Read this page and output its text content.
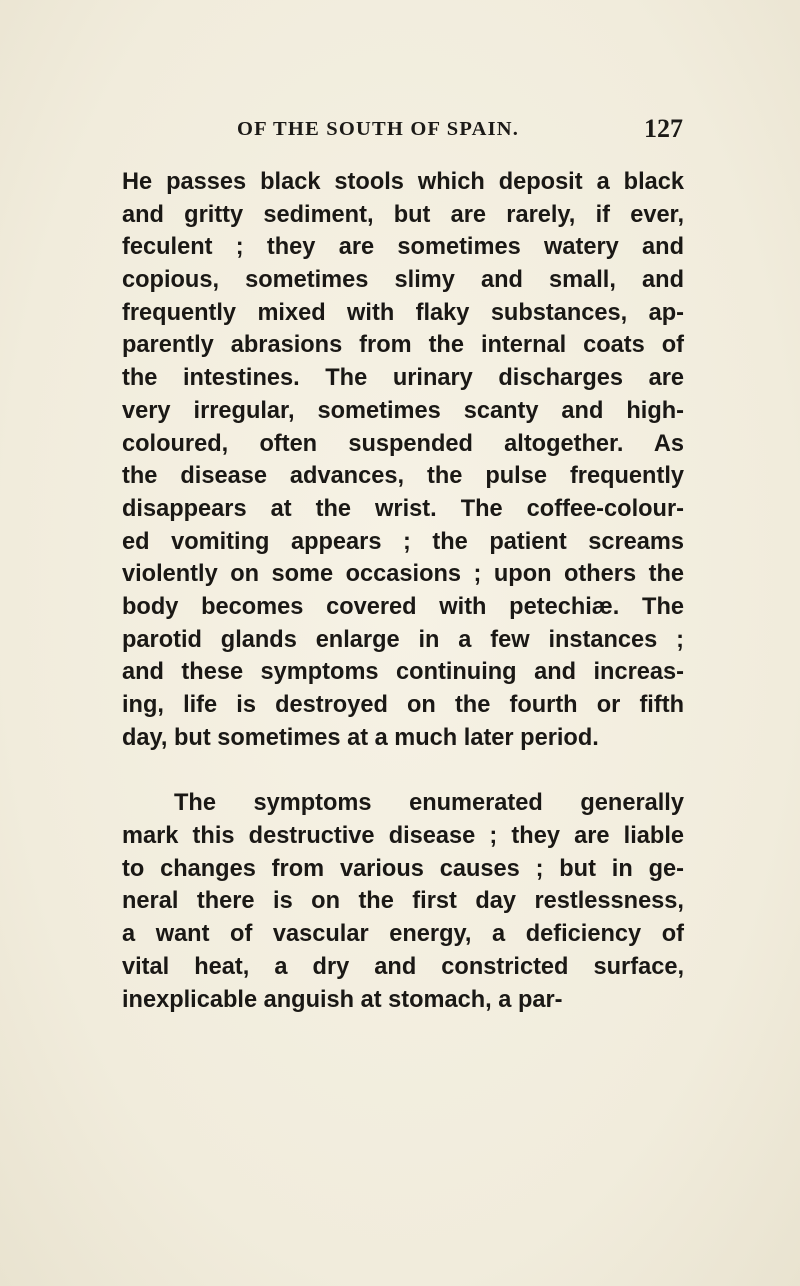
OF THE SOUTH OF SPAIN.	127
He passes black stools which deposit a black
and gritty sediment, but are rarely, if ever,
feculent ; they are sometimes watery and
copious, sometimes slimy and small, and
frequently mixed with flaky substances, ap-
parently abrasions from the internal coats of
the intestines. The urinary discharges are
very irregular, sometimes scanty and high-
coloured, often suspended altogether. As
the disease advances, the pulse frequently
disappears at the wrist. The coffee-colour-
ed vomiting appears ; the patient screams
violently on some occasions ; upon others the
body becomes covered with petechiæ. The
parotid glands enlarge in a few instances ;
and these symptoms continuing and increas-
ing, life is destroyed on the fourth or fifth
day, but sometimes at a much later period.
The symptoms enumerated generally
mark this destructive disease ; they are liable
to changes from various causes ; but in ge-
neral there is on the first day restlessness,
a want of vascular energy, a deficiency of
vital heat, a dry and constricted surface,
inexplicable anguish at stomach, a par-
